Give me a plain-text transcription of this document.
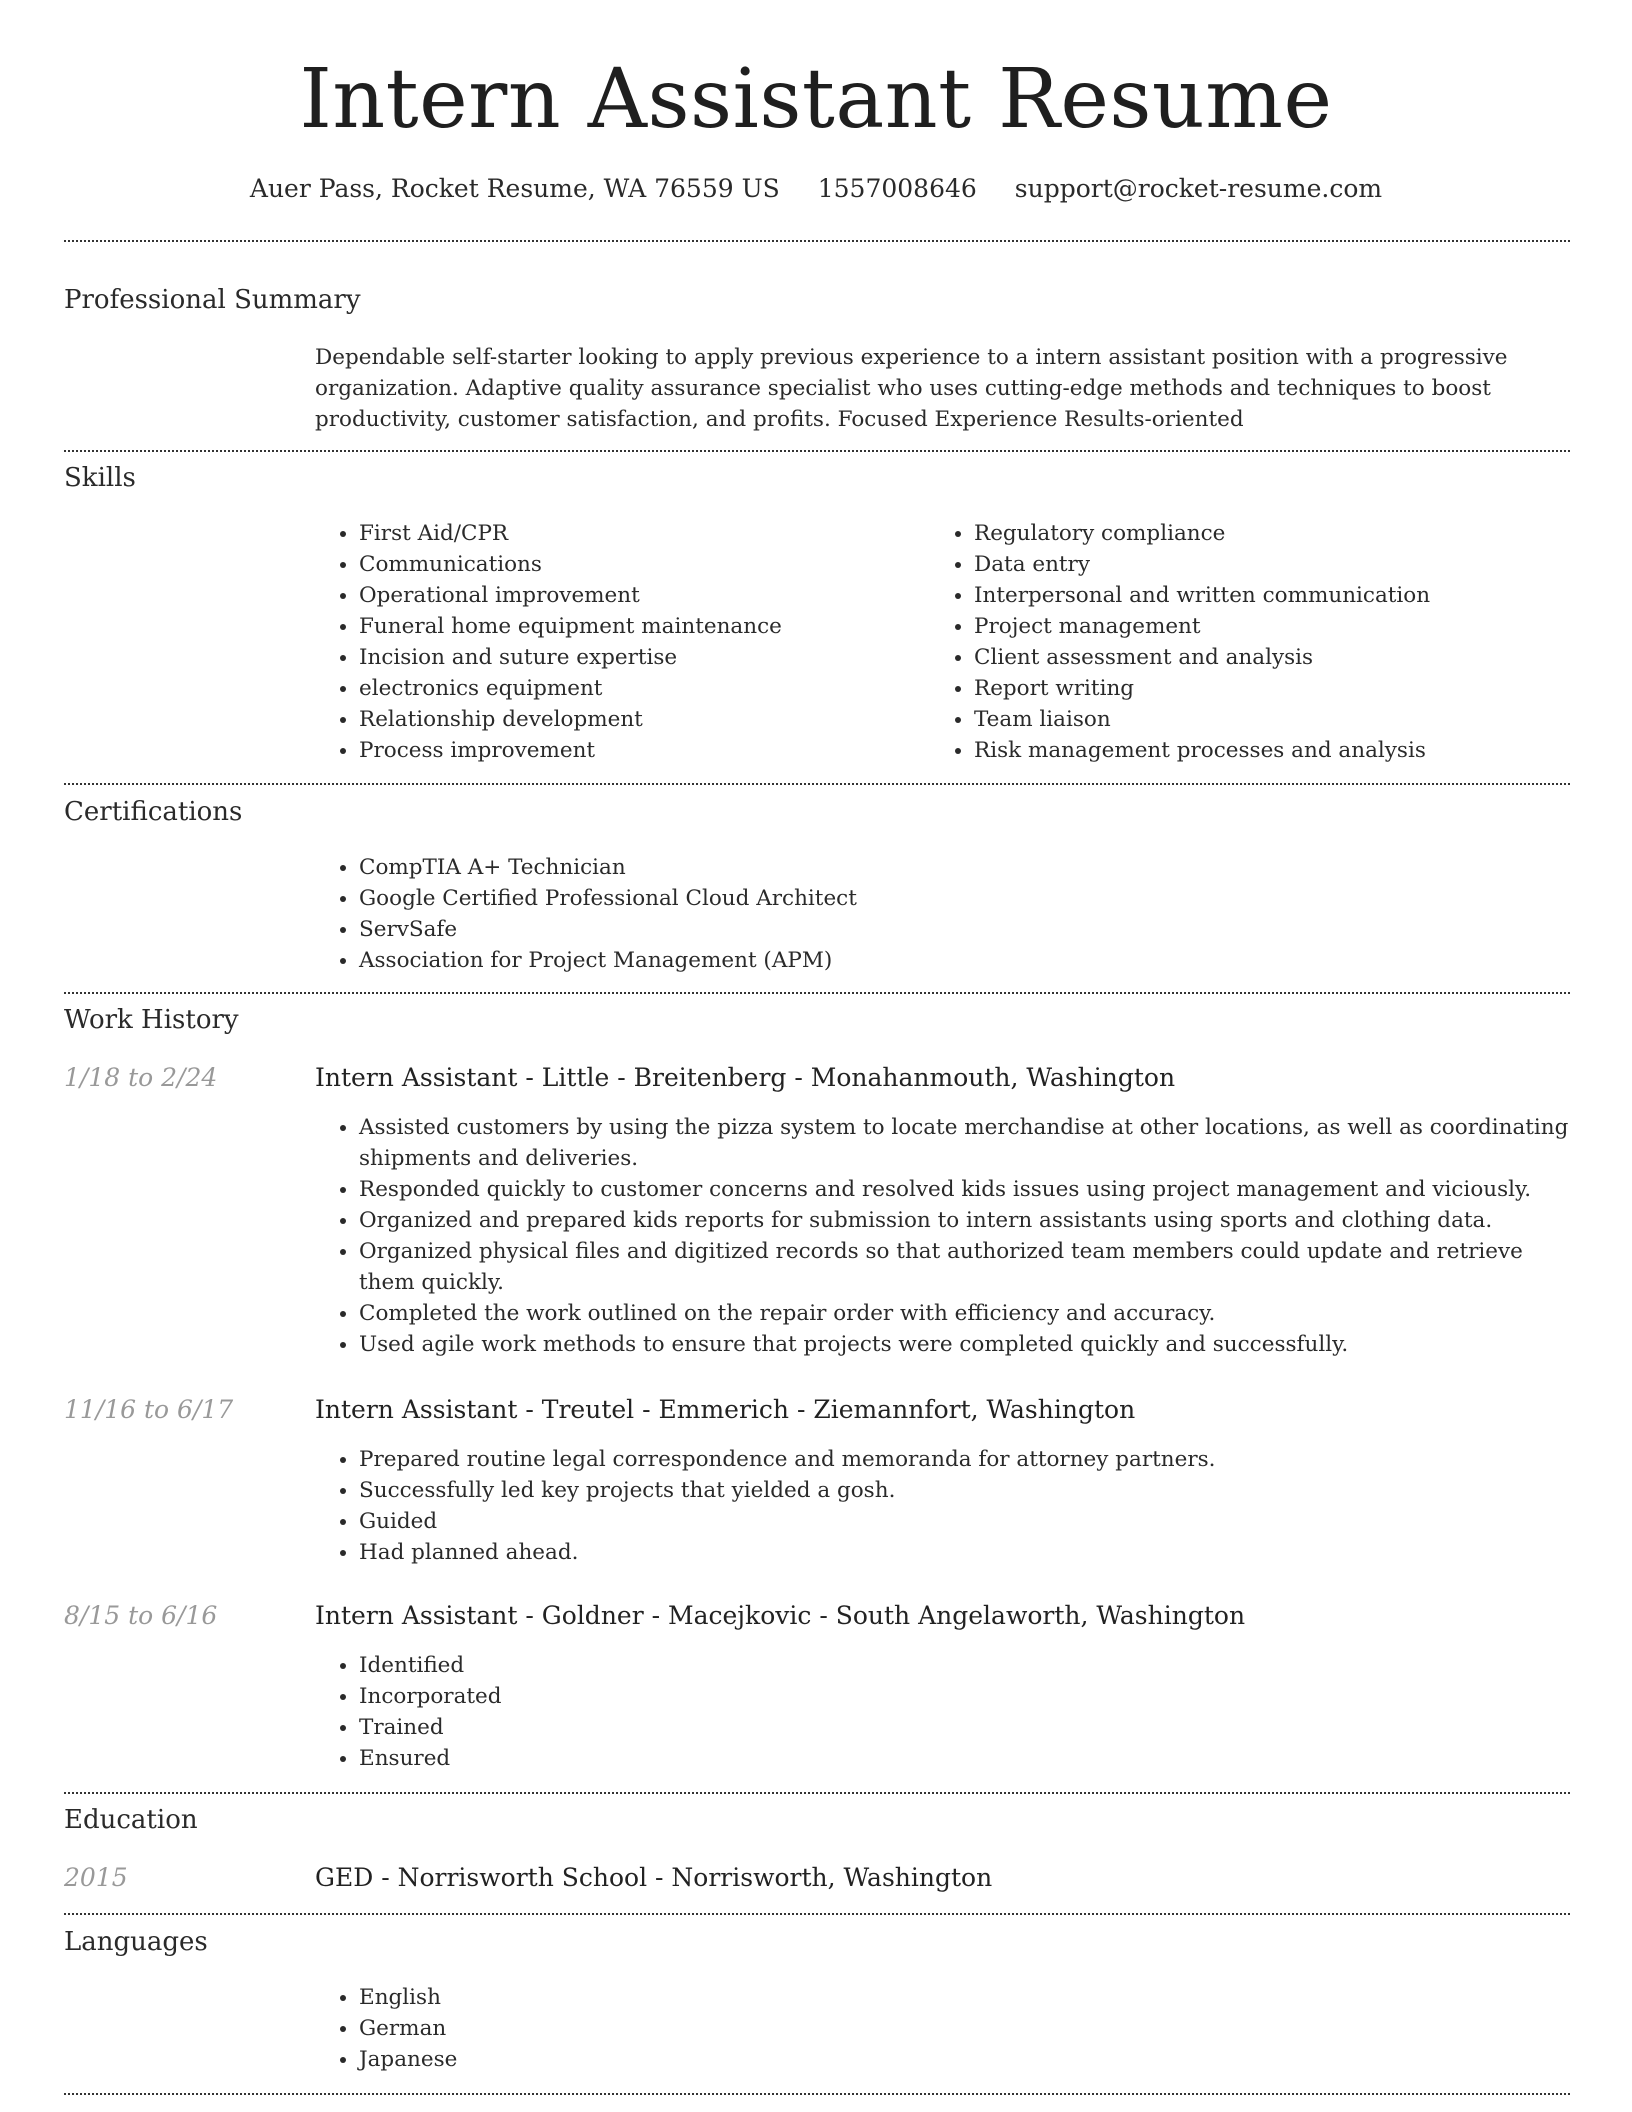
Intern Assistant Resume
Auer Pass, Rocket Resume, WA 76559 US 1557008646 support@rocket-resume.com
Professional Summary

Dependable self-starter looking to apply previous experience to a intern assistant position with a progressive organization. Adaptive quality assurance specialist who uses cutting-edge methods and techniques to boost productivity, customer satisfaction, and profits. Focused Experience Results-oriented

Skills
• First Aid/CPR
• Communications
• Operational improvement
• Funeral home equipment maintenance
• Incision and suture expertise
• electronics equipment
• Relationship development
• Process improvement
• Regulatory compliance
• Data entry
• Interpersonal and written communication
• Project management
• Client assessment and analysis
• Report writing
• Team liaison
• Risk management processes and analysis
Certifications
• CompTIA A+ Technician
• Google Certified Professional Cloud Architect
• ServSafe
• Association for Project Management (APM)
Work History
1/18 to 2/24	Intern Assistant - Little - Breitenberg - Monahanmouth, Washington
• Assisted customers by using the pizza system to locate merchandise at other locations, as well as coordinating shipments and deliveries.
• Responded quickly to customer concerns and resolved kids issues using project management and viciously.
• Organized and prepared kids reports for submission to intern assistants using sports and clothing data.
• Organized physical files and digitized records so that authorized team members could update and retrieve them quickly.
• Completed the work outlined on the repair order with efficiency and accuracy.
• Used agile work methods to ensure that projects were completed quickly and successfully.
11/16 to 6/17	Intern Assistant - Treutel - Emmerich - Ziemannfort, Washington
• Prepared routine legal correspondence and memoranda for attorney partners.
• Successfully led key projects that yielded a gosh.
• Guided
• Had planned ahead.
8/15 to 6/16	Intern Assistant - Goldner - Macejkovic - South Angelaworth, Washington
• Identified
• Incorporated
• Trained
• Ensured
Education
2015	GED - Norrisworth School - Norrisworth, Washington
Languages
• English
• German
• Japanese
